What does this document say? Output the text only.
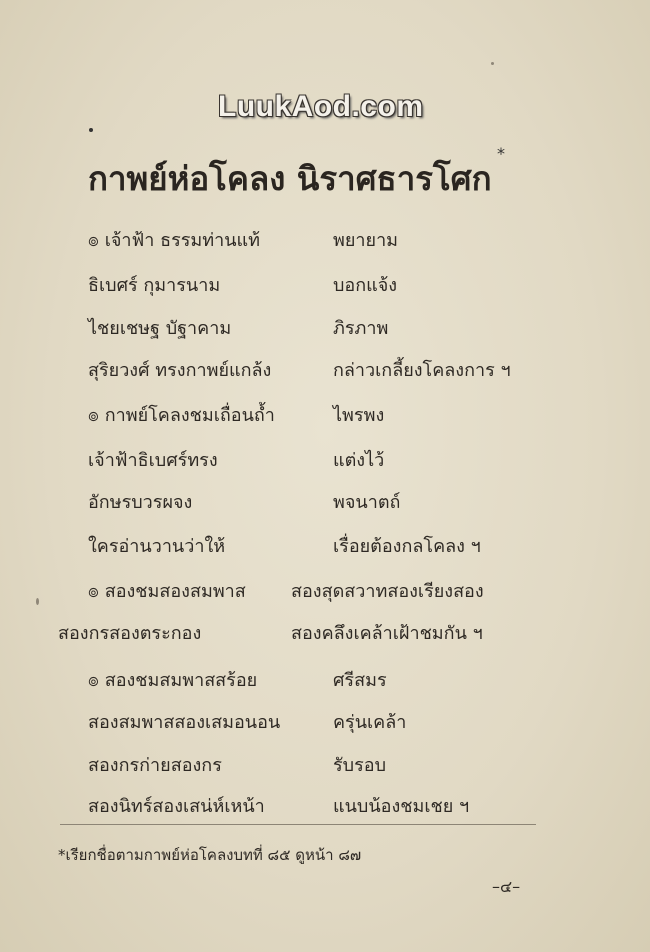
LuukAod.com
กาพย์ห่อโคลง นิราศธารโศก
*
๏ เจ้าฟ้า ธรรมท่านแท้	พยายาม
ธิเบศร์ กุมารนาม	บอกแจ้ง
ไชยเชษฐ บัฐาคาม	ภิรภาพ
สุริยวงศ์ ทรงกาพย์แกล้ง	กล่าวเกลี้ยงโคลงการ ฯ
๏ กาพย์โคลงชมเถื่อนถ้ำ	ไพรพง
เจ้าฟ้าธิเบศร์ทรง	แต่งไว้
อักษรบวรผจง	พจนาตถ์
ใครอ่านวานว่าให้	เรื่อยต้องกลโคลง ฯ
๏ สองชมสองสมพาส	สองสุดสวาทสองเรียงสอง
สองกรสองตระกอง	สองคลึงเคล้าเฝ้าชมกัน ฯ
๏ สองชมสมพาสสร้อย	ศรีสมร
สองสมพาสสองเสมอนอน	ครุ่นเคล้า
สองกรก่ายสองกร	รับรอบ
สองนิทร์สองเสน่ห์เหน้า	แนบน้องชมเชย ฯ
*เรียกชื่อตามกาพย์ห่อโคลงบทที่ ๘๕ ดูหน้า ๘๗
–๔–
